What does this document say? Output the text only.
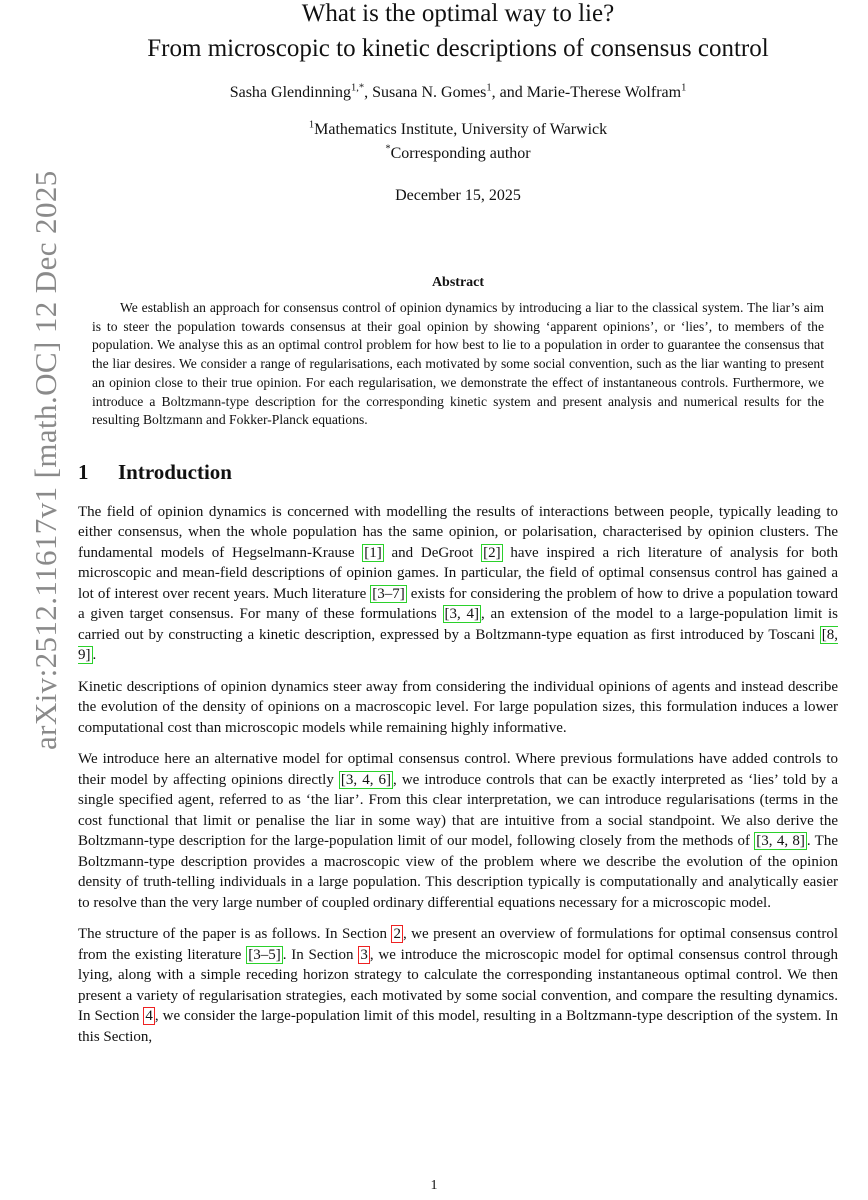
arXiv:2512.11617v1 [math.OC] 12 Dec 2025
What is the optimal way to lie?
From microscopic to kinetic descriptions of consensus control
Sasha Glendinning$^{1,*}$, Susana N. Gomes$^1$, and Marie-Therese Wolfram$^1$
$^1$Mathematics Institute, University of Warwick
*Corresponding author
December 15, 2025
Abstract
We establish an approach for consensus control of opinion dynamics by introducing a liar to the classical system. The liar’s aim is to steer the population towards consensus at their goal opinion by showing ‘apparent opinions’, or ‘lies’, to members of the population. We analyse this as an optimal control problem for how best to lie to a population in order to guarantee the consensus that the liar desires. We consider a range of regularisations, each motivated by some social convention, such as the liar wanting to present an opinion close to their true opinion. For each regularisation, we demonstrate the effect of instantaneous controls. Furthermore, we introduce a Boltzmann-type description for the corresponding kinetic system and present analysis and numerical results for the resulting Boltzmann and Fokker-Planck equations.
1 Introduction
The field of opinion dynamics is concerned with modelling the results of interactions between people, typically leading to either consensus, when the whole population has the same opinion, or polarisation, characterised by opinion clusters. The fundamental models of Hegselmann-Krause [1] and DeGroot [2] have inspired a rich literature of analysis for both microscopic and mean-field descriptions of opinion games. In particular, the field of optimal consensus control has gained a lot of interest over recent years. Much literature [3–7] exists for considering the problem of how to drive a population toward a given target consensus. For many of these formulations [3, 4] , an extension of the model to a large-population limit is carried out by constructing a kinetic description, expressed by a Boltzmann-type equation as first introduced by Toscani [8, 9] .
Kinetic descriptions of opinion dynamics steer away from considering the individual opinions of agents and instead describe the evolution of the density of opinions on a macroscopic level. For large population sizes, this formulation induces a lower computational cost than microscopic models while remaining highly informative.
We introduce here an alternative model for optimal consensus control. Where previous formulations have added controls to their model by affecting opinions directly [3, 4, 6] , we introduce controls that can be exactly interpreted as ‘lies’ told by a single specified agent, referred to as ‘the liar’. From this clear interpretation, we can introduce regularisations (terms in the cost functional that limit or penalise the liar in some way) that are intuitive from a social standpoint. We also derive the Boltzmann-type description for the large-population limit of our model, following closely from the methods of [3, 4, 8] . The Boltzmann-type description provides a macroscopic view of the problem where we describe the evolution of the opinion density of truth-telling individuals in a large population. This description typically is computationally and analytically easier to resolve than the very large number of coupled ordinary differential equations necessary for a microscopic model.
The structure of the paper is as follows. In Section 2 , we present an overview of formulations for optimal consensus control from the existing literature [3–5] . In Section 3 , we introduce the microscopic model for optimal consensus control through lying, along with a simple receding horizon strategy to calculate the corresponding instantaneous optimal control. We then present a variety of regularisation strategies, each motivated by some social convention, and compare the resulting dynamics. In Section 4 , we consider the large-population limit of this model, resulting in a Boltzmann-type description of the system. In this Section,
1
